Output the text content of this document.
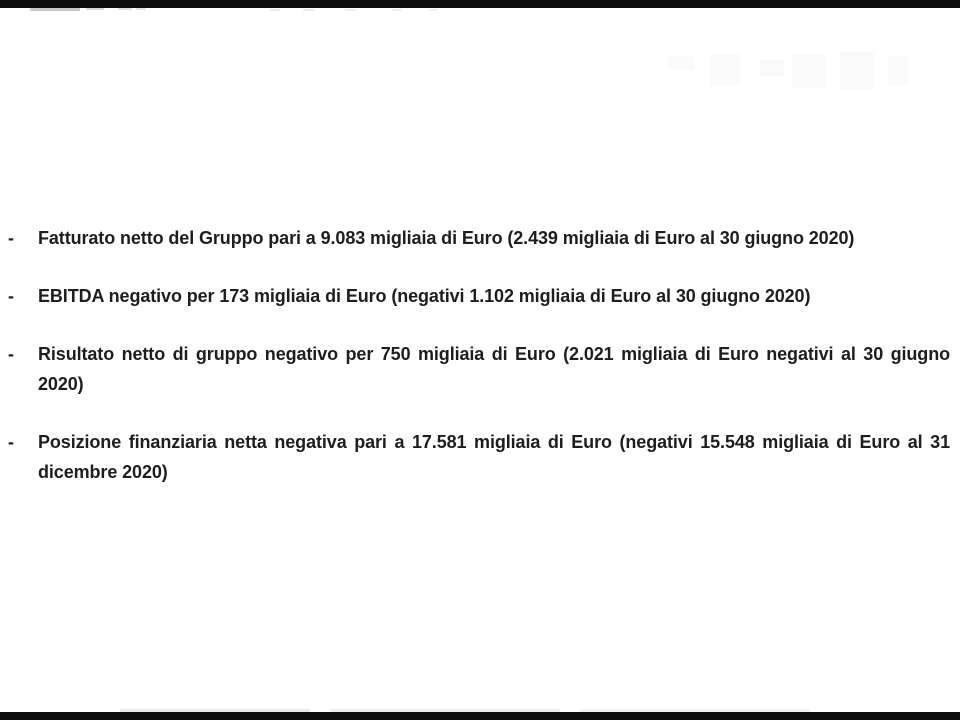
-	Fatturato netto del Gruppo pari a 9.083 migliaia di Euro (2.439 migliaia di Euro al 30 giugno 2020)
-	EBITDA negativo per 173 migliaia di Euro (negativi 1.102 migliaia di Euro al 30 giugno 2020)
-	Risultato netto di gruppo negativo per 750 migliaia di Euro (2.021 migliaia di Euro negativi al 30 giugno 2020)
-	Posizione finanziaria netta negativa pari a 17.581 migliaia di Euro (negativi 15.548 migliaia di Euro al 31 dicembre 2020)
